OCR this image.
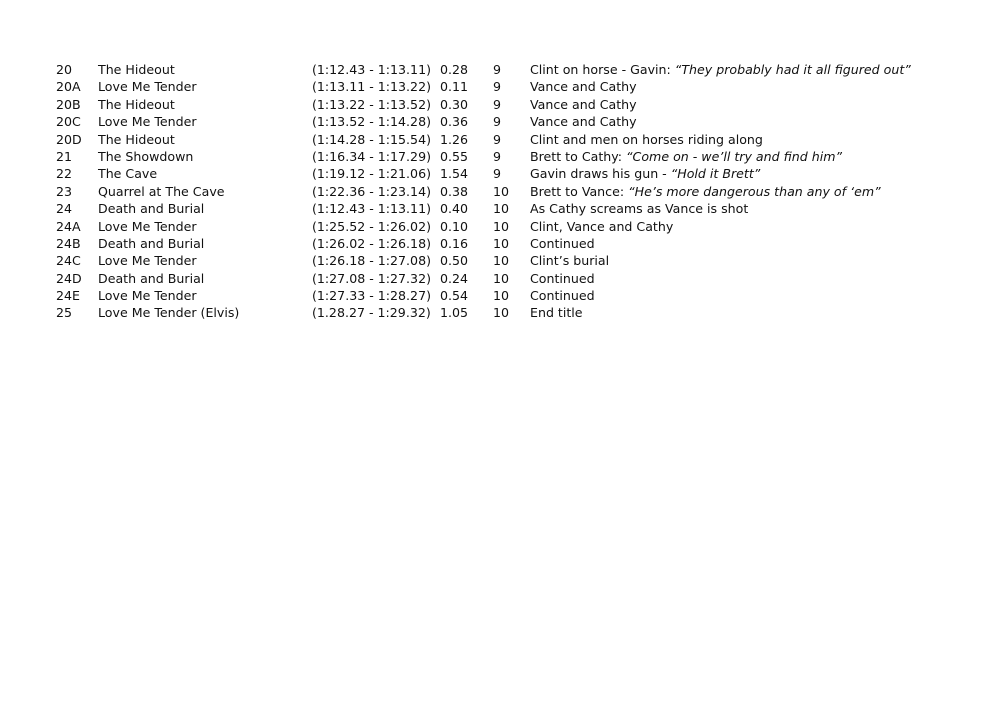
20 The Hideout	(1:12.43 - 1:13.11) 0.28 9 Clint on horse - Gavin: “They probably had it all figured out”
20A Love Me Tender	(1:13.11 - 1:13.22) 0.11 9 Vance and Cathy
20B The Hideout	(1:13.22 - 1:13.52) 0.30 9 Vance and Cathy
20C Love Me Tender	(1:13.52 - 1:14.28) 0.36 9 Vance and Cathy
20D The Hideout	(1:14.28 - 1:15.54) 1.26 9 Clint and men on horses riding along
21 The Showdown	(1:16.34 - 1:17.29) 0.55 9 Brett to Cathy: “Come on - we’ll try and find him”
22 The Cave	(1:19.12 - 1:21.06) 1.54 9 Gavin draws his gun - “Hold it Brett”
23 Quarrel at The Cave	(1:22.36 - 1:23.14) 0.38 10 Brett to Vance: “He’s more dangerous than any of ‘em”
24 Death and Burial	(1:12.43 - 1:13.11) 0.40 10 As Cathy screams as Vance is shot
24A Love Me Tender	(1:25.52 - 1:26.02) 0.10 10 Clint, Vance and Cathy
24B Death and Burial	(1:26.02 - 1:26.18) 0.16 10 Continued
24C Love Me Tender	(1:26.18 - 1:27.08) 0.50 10 Clint’s burial
24D Death and Burial	(1:27.08 - 1:27.32) 0.24 10 Continued
24E Love Me Tender	(1:27.33 - 1:28.27) 0.54 10 Continued
25 Love Me Tender (Elvis)	(1.28.27 - 1:29.32) 1.05 10 End title
